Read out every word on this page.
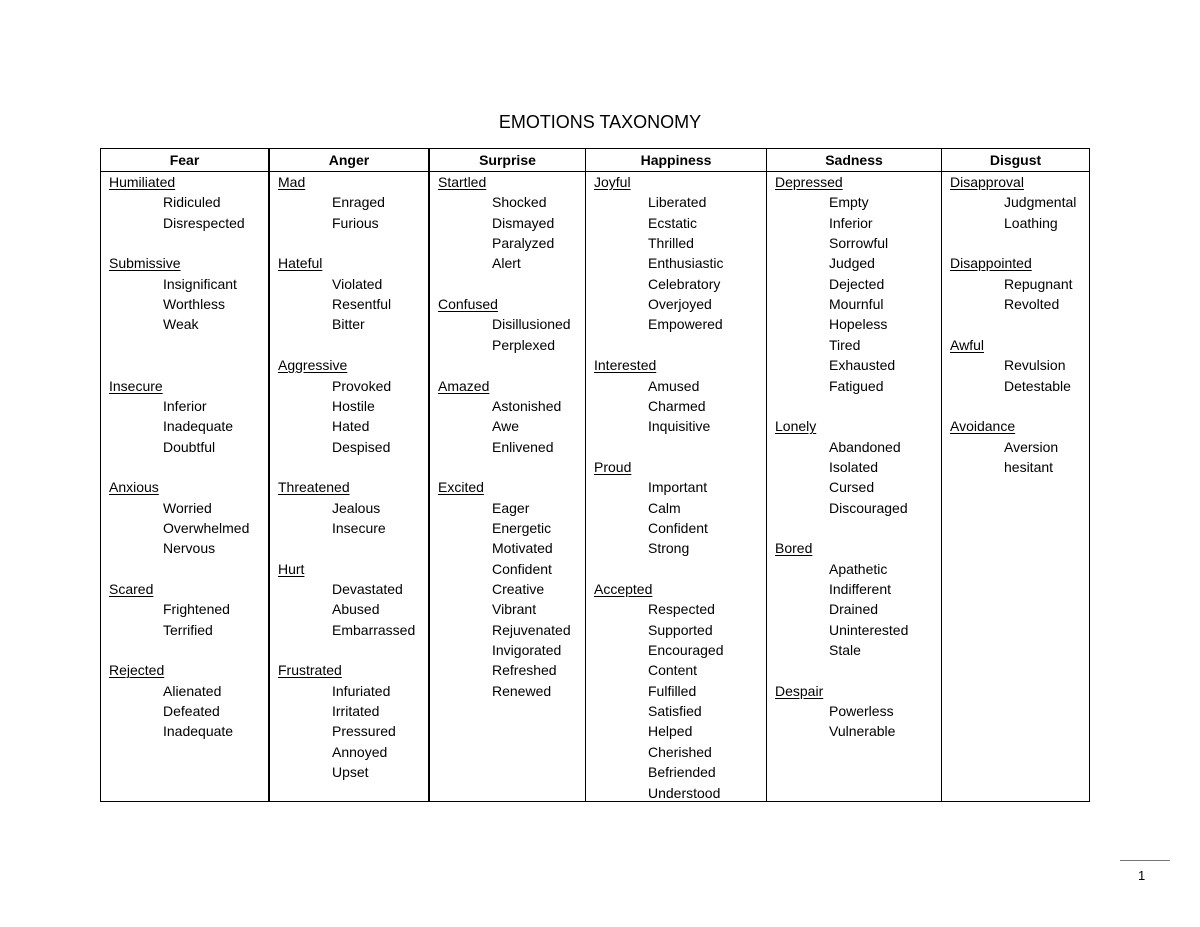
EMOTIONS TAXONOMY
Fear
Humiliated
Ridiculed
Disrespected
Submissive
Insignificant
Worthless
Weak
Insecure
Inferior
Inadequate
Doubtful
Anxious
Worried
Overwhelmed
Nervous
Scared
Frightened
Terrified
Rejected
Alienated
Defeated
Inadequate
Anger
Mad
Enraged
Furious
Hateful
Violated
Resentful
Bitter
Aggressive
Provoked
Hostile
Hated
Despised
Threatened
Jealous
Insecure
Hurt
Devastated
Abused
Embarrassed
Frustrated
Infuriated
Irritated
Pressured
Annoyed
Upset
Surprise
Startled
Shocked
Dismayed
Paralyzed
Alert
Confused
Disillusioned
Perplexed
Amazed
Astonished
Awe
Enlivened
Excited
Eager
Energetic
Motivated
Confident
Creative
Vibrant
Rejuvenated
Invigorated
Refreshed
Renewed
Happiness
Joyful
Liberated
Ecstatic
Thrilled
Enthusiastic
Celebratory
Overjoyed
Empowered
Interested
Amused
Charmed
Inquisitive
Proud
Important
Calm
Confident
Strong
Accepted
Respected
Supported
Encouraged
Content
Fulfilled
Satisfied
Helped
Cherished
Befriended
Understood
Sadness
Depressed
Empty
Inferior
Sorrowful
Judged
Dejected
Mournful
Hopeless
Tired
Exhausted
Fatigued
Lonely
Abandoned
Isolated
Cursed
Discouraged
Bored
Apathetic
Indifferent
Drained
Uninterested
Stale
Despair
Powerless
Vulnerable
Disgust
Disapproval
Judgmental
Loathing
Disappointed
Repugnant
Revolted
Awful
Revulsion
Detestable
Avoidance
Aversion
hesitant
1
